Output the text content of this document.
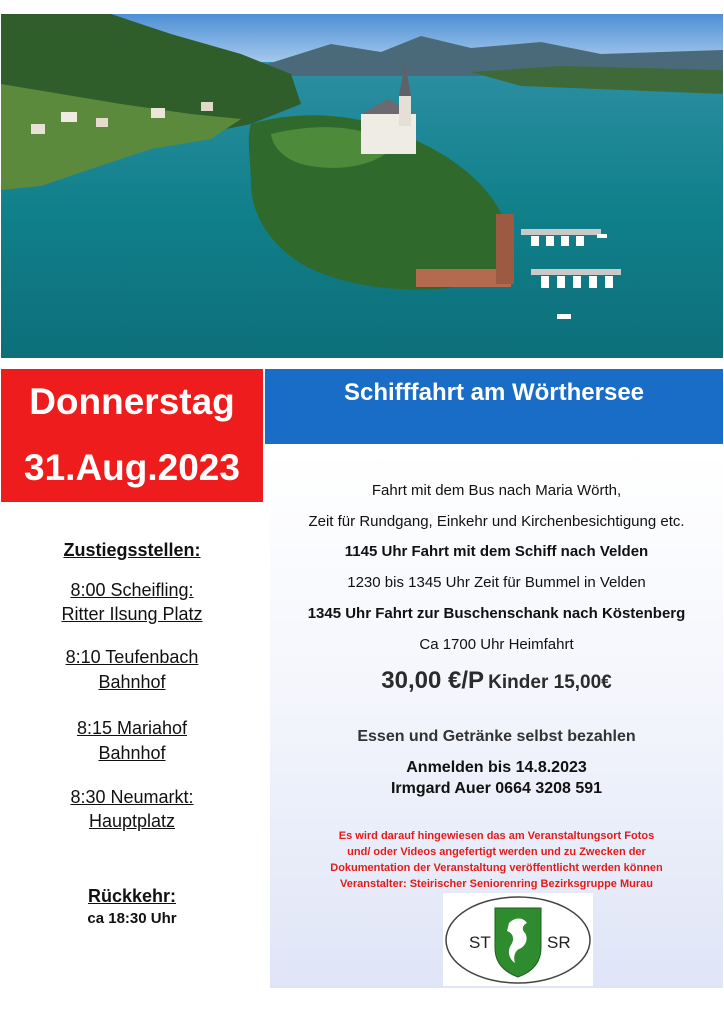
Donnerstag
31.Aug.2023
Schifffahrt am Wörthersee
Zustiegsstellen:
8:00 Scheifling:
Ritter Ilsung Platz
8:10 Teufenbach
Bahnhof
8:15 Mariahof
Bahnhof
8:30 Neumarkt:
Hauptplatz
Rückkehr:
ca 18:30 Uhr
Fahrt mit dem Bus nach Maria Wörth,
Zeit für Rundgang, Einkehr und Kirchenbesichtigung etc.
1145 Uhr Fahrt mit dem Schiff nach Velden
1230 bis 1345 Uhr Zeit für Bummel in Velden
1345 Uhr Fahrt zur Buschenschank nach Köstenberg
Ca 1700 Uhr Heimfahrt
30,00 €/P Kinder 15,00€
Essen und Getränke selbst bezahlen
Anmelden bis 14.8.2023
Irmgard Auer 0664 3208 591
Es wird darauf hingewiesen das am Veranstaltungsort Fotos
und/ oder Videos angefertigt werden und zu Zwecken der
Dokumentation der Veranstaltung veröffentlicht werden können
Veranstalter: Steirischer Seniorenring Bezirksgruppe Murau
ST	SR
